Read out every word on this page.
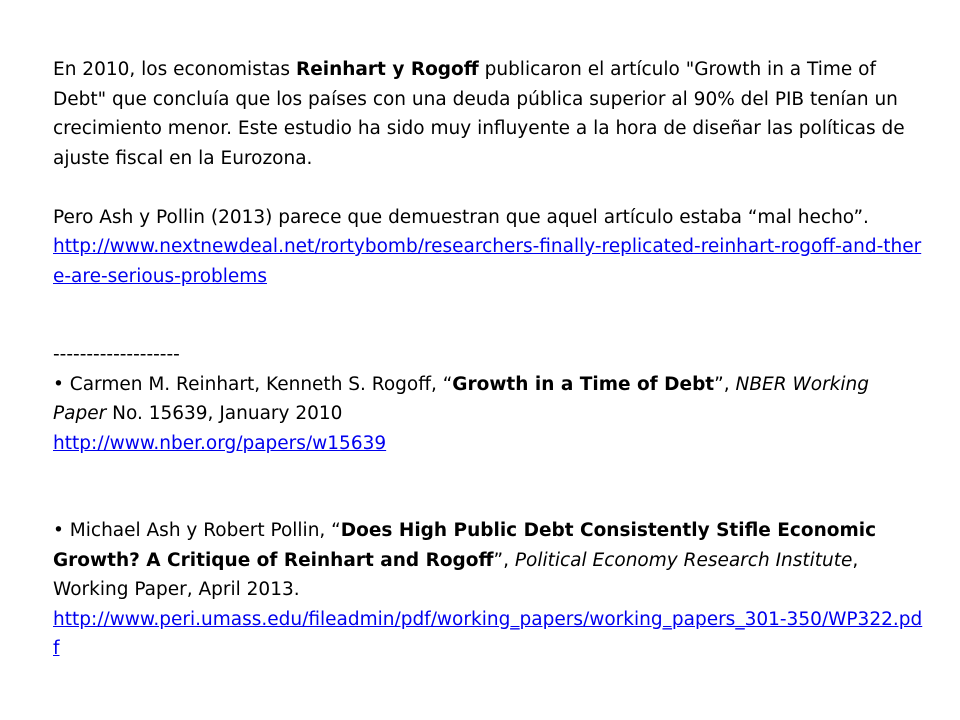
En 2010, los economistas Reinhart y Rogoff publicaron el artículo "Growth in a Time of Debt" que concluía que los países con una deuda pública superior al 90% del PIB tenían un crecimiento menor. Este estudio ha sido muy influyente a la hora de diseñar las políticas de ajuste fiscal en la Eurozona.

Pero Ash y Pollin (2013) parece que demuestran que aquel artículo estaba “mal hecho”.

http://www.nextnewdeal.net/rortybomb/researchers-finally-replicated-reinhart-rogoff-and-there-are-serious-problems

-------------------

• Carmen M. Reinhart, Kenneth S. Rogoff, “Growth in a Time of Debt”, NBER Working Paper No. 15639, January 2010

http://www.nber.org/papers/w15639

• Michael Ash y Robert Pollin, “Does High Public Debt Consistently Stifle Economic Growth? A Critique of Reinhart and Rogoff”, Political Economy Research Institute, Working Paper, April 2013.

http://www.peri.umass.edu/fileadmin/pdf/working_papers/working_papers_301-350/WP322.pdf
